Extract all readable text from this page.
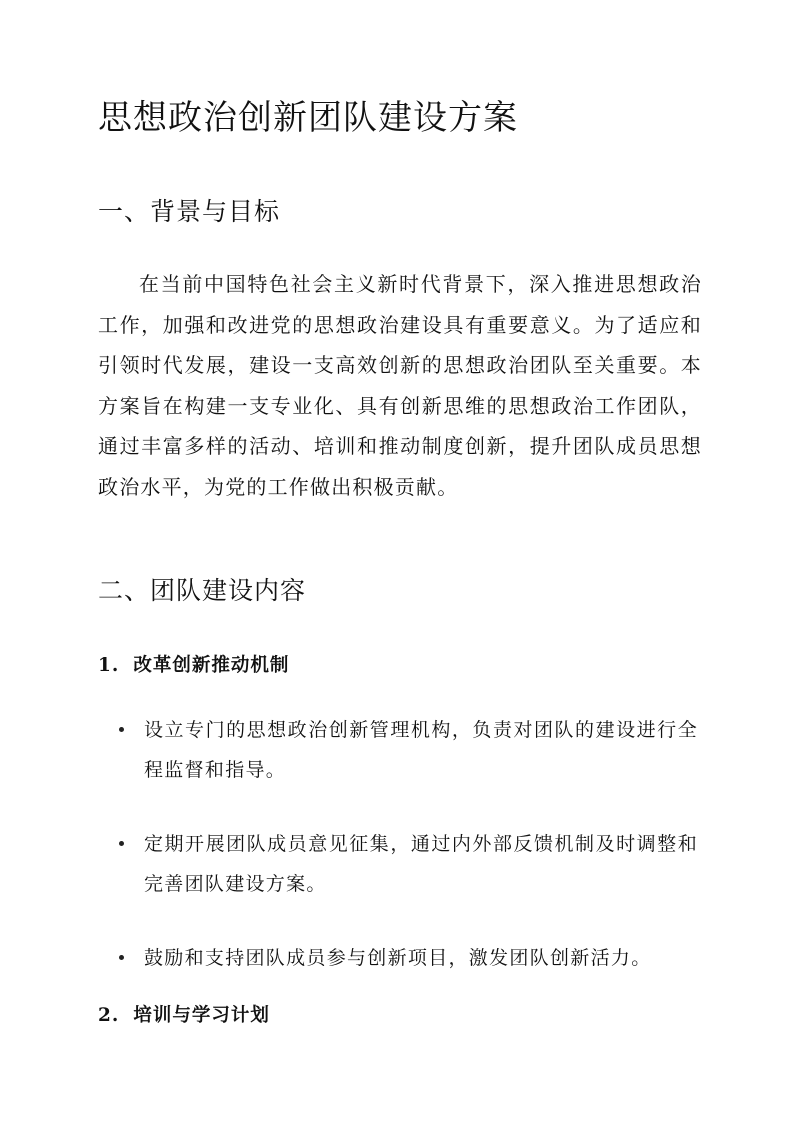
思想政治创新团队建设方案
一、背景与目标

在当前中国特色社会主义新时代背景下，深入推进思想政治工作，加强和改进党的思想政治建设具有重要意义。为了适应和引领时代发展，建设一支高效创新的思想政治团队至关重要。本方案旨在构建一支专业化、具有创新思维的思想政治工作团队，通过丰富多样的活动、培训和推动制度创新，提升团队成员思想政治水平，为党的工作做出积极贡献。

二、团队建设内容
1. 改革创新推动机制
设立专门的思想政治创新管理机构，负责对团队的建设进行全程监督和指导。
定期开展团队成员意见征集，通过内外部反馈机制及时调整和完善团队建设方案。
鼓励和支持团队成员参与创新项目，激发团队创新活力。
2. 培训与学习计划
